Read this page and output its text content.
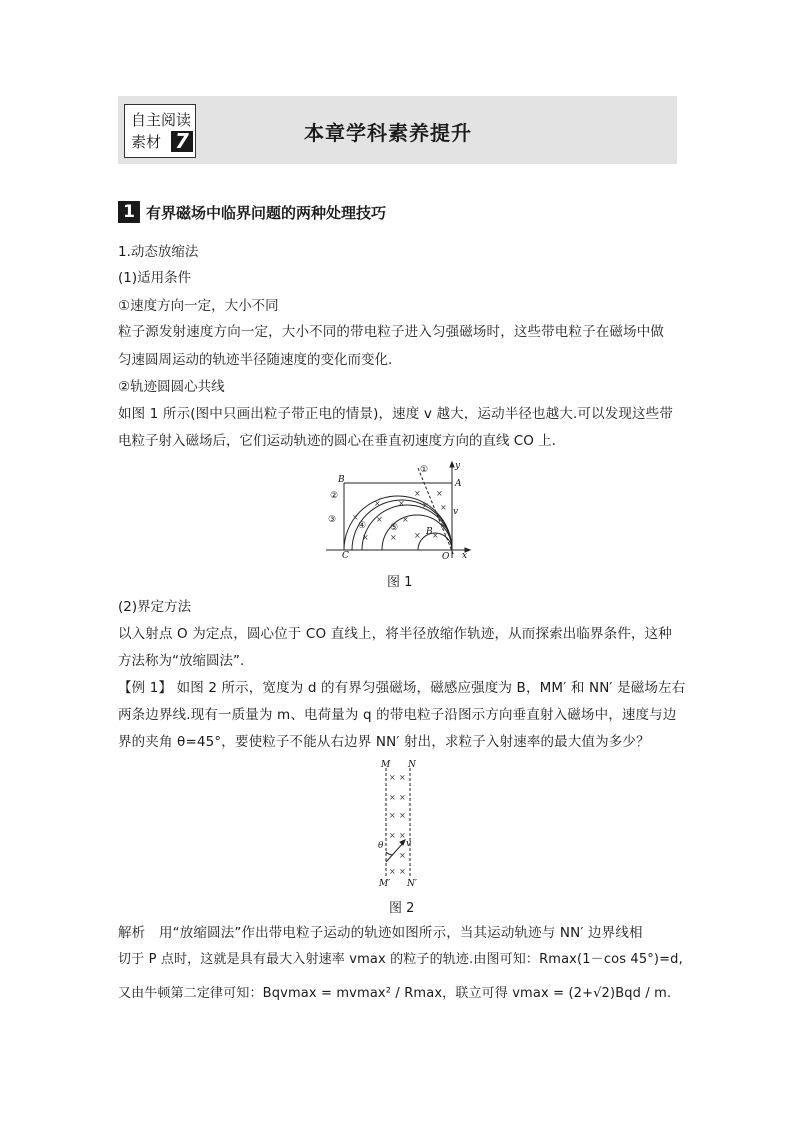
自主阅读
素材 7	本章学科素养提升
1 有界磁场中临界问题的两种处理技巧
1.动态放缩法
(1)适用条件
①速度方向一定，大小不同
粒子源发射速度方向一定，大小不同的带电粒子进入匀强磁场时，这些带电粒子在磁场中做
匀速圆周运动的轨迹半径随速度的变化而变化.
②轨迹圆圆心共线
如图 1 所示(图中只画出粒子带正电的情景)，速度 v 越大，运动半径也越大.可以发现这些带
电粒子射入磁场后，它们运动轨迹的圆心在垂直初速度方向的直线 CO 上.
× ×
× × × ×
× × ×
×
×	× × ×
B	A
y
x
C	O
B
v
①
②
③
④	⑤
图 1
(2)界定方法
以入射点 O 为定点，圆心位于 CO 直线上，将半径放缩作轨迹，从而探索出临界条件，这种
方法称为“放缩圆法”.
【例 1】 如图 2 所示，宽度为 d 的有界匀强磁场，磁感应强度为 B，MM′ 和 NN′ 是磁场左右
两条边界线.现有一质量为 m、电荷量为 q 的带电粒子沿图示方向垂直射入磁场中，速度与边
界的夹角 θ=45°，要使粒子不能从右边界 NN′ 射出，求粒子入射速率的最大值为多少？
× ×
× ×
× ×
× ×
×
× ×
M N
M′ N′
θ	v
图 2
解析　用“放缩圆法”作出带电粒子运动的轨迹如图所示，当其运动轨迹与 NN′ 边界线相
切于 P 点时，这就是具有最大入射速率 vmax 的粒子的轨迹.由图可知：Rmax(1－cos 45°)=d,
又由牛顿第二定律可知：Bqvmax = mvmax² / Rmax，联立可得 vmax = (2+√2)Bqd / m.
